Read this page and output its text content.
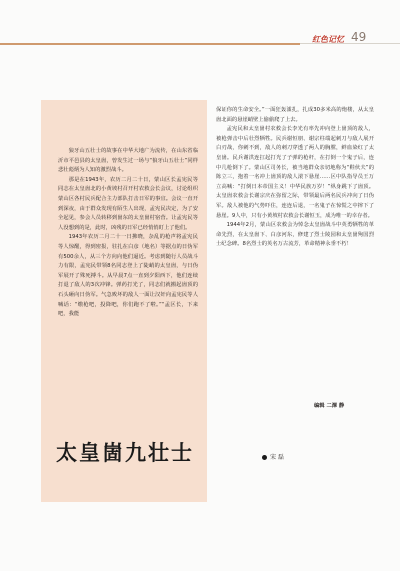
红色记忆 49

狼牙山五壮士的故事在中华大地广为流传，在山东省临沂市平邑县的太皇崮，曾发生过一场与“狼牙山五壮士”同样悲壮彪炳为人知的激烈战斗。

那是在1943年，农历二月二十日，蒙山区长孟宪民等同志在太皇崮北的小黄坡村召开村农救会长会议，讨论组织蒙山区各村民兵配合主力部队打击日军的事宜。会议一直开到深夜，由于群众发现有陌生人出现，孟宪民决定，为了安全起见，参会人员转移到崮东的太皇崮村宿营。让孟宪民等人没想到的是，此时，凶残的日军已经悄悄盯上了他们。

1943年农历二月二十一日拂晓，杂乱的枪声将孟宪民等人惊醒，得到密报，驻扎在白彦（地名）等据点的日伪军有500余人，从三个方向向他们逼近。考虑到随行人员战斗力有限，孟宪民带领8名同志登上了陡峭的太皇崮，与日伪军展开了殊死搏斗。从早晨7点一直到夕阳西下，他们连续打退了敌人的3次冲锋。弹药打光了，同志们就搬起崮顶的石头砸向日伪军。气急败坏的敌人一面让汉奸向孟宪民等人喊话：“缴枪吧，投降吧，你们跑不了啦。”“孟区长，下来吧，我能

保证你的生命安全。”一面狂轰滥扎，扎成30多米高的炮楼，从太皇崮北面的悬崖峭壁上偷偷爬了上去。

孟宪民和太皇崮村农救会长李光有率先冲向登上崮顶的敌人，被枪弹击中后壮烈牺牲。民兵谢恒朋、谢宗柱端起刺刀与敌人展开白刃战，你刺不到，敌人的刺刀穿透了两人的胸膛，鲜血染红了太皇崮。民兵谢洪连扛起打光了子弹的枪杆，在打倒一个鬼子后，连中几枪倒下了。蒙山区司务长，被当地群众亲切地称为“鞋伙夫”的陈立三，抱着一名冲上崮顶的敌人滚下悬崖……区中队指导员王万立高喊：“打倒日本帝国主义！中华民族万岁！”纵身跳下了崮顶。太皇崮农救会长谢宗庆在弥留之际，带领最后两名民兵冲向了日伪军。敌人被他的气势吓住，连连后退，一名鬼子在惊慌之中摔下了悬崖。9人中，只有小黄坡村农救会长谢恒玉，成为唯一的幸存者。

1944年2月，蒙山区农救会为悼念太皇崮战斗中英勇牺牲的革命先烈，在太皇崮下、白彦河东，修建了烈士陵园和太皇崮殉国烈士纪念碑。8名烈士的英名万古流芳，革命精神永垂不朽！

编辑 二澤 静
太皇崮九壮士	宋 磊
